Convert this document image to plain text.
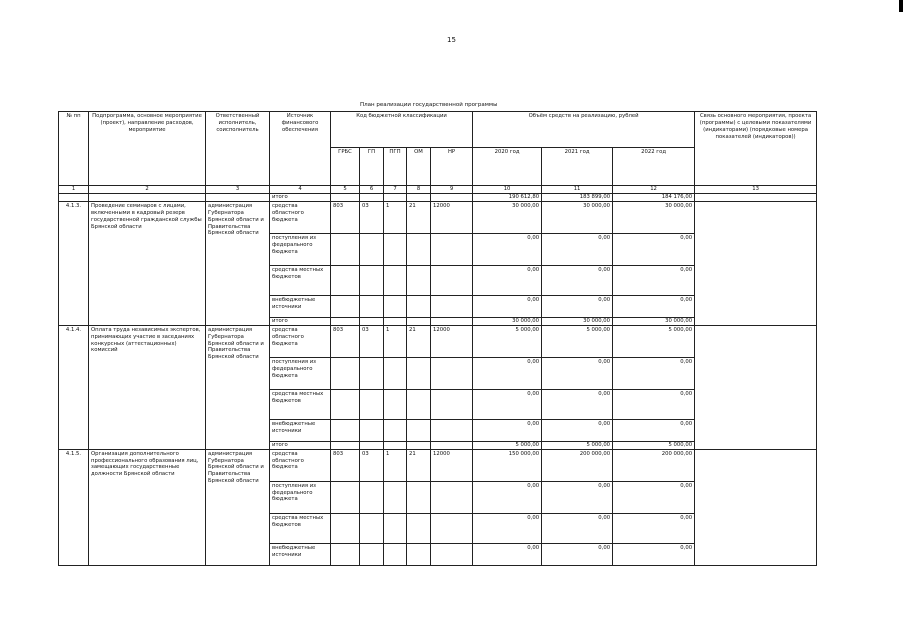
15
План реализации государственной программы
№ пп	Подпрограмма, основное мероприятие (проект), направление расходов, мероприятие	Ответственный исполнитель, соисполнитель	Источник финансового обеспечения	Код бюджетной классификации					Объём средств на реализацию, рублей			Связь основного мероприятия, проекта (программы) с целевыми показателями (индикаторами) (порядковые номера показателей (индикаторов))
				ГРБС	ГП	ПГП	ОМ	НР	2020 год	2021 год	2022 год	
1	2	3	4	5	6	7	8	9	10	11	12	13
			итого						190 612,80	183 899,00	184 176,00	
4.1.3.	Проведение семинаров с лицами, включенными в кадровый резерв государственной гражданской службы Брянской области	администрация Губернатора Брянской области и Правительства Брянской области	средства областного бюджета	803	03	1	21	12000	30 000,00	30 000,00	30 000,00	
			поступления из федерального бюджета						0,00	0,00	0,00	
			средства местных бюджетов						0,00	0,00	0,00	
			внебюджетные источники						0,00	0,00	0,00	
			итого						30 000,00	30 000,00	30 000,00	
4.1.4.	Оплата труда независимых экспертов, принимающих участие в заседаниях конкурсных (аттестационных) комиссий	администрация Губернатора Брянской области и Правительства Брянской области	средства областного бюджета	803	03	1	21	12000	5 000,00	5 000,00	5 000,00	
			поступления из федерального бюджета						0,00	0,00	0,00	
			средства местных бюджетов						0,00	0,00	0,00	
			внебюджетные источники						0,00	0,00	0,00	
			итого						5 000,00	5 000,00	5 000,00	
4.1.5.	Организация дополнительного профессионального образования лиц, замещающих государственные должности Брянской области	администрация Губернатора Брянской области и Правительства Брянской области	средства областного бюджета	803	03	1	21	12000	150 000,00	200 000,00	200 000,00	
			поступления из федерального бюджета						0,00	0,00	0,00	
			средства местных бюджетов						0,00	0,00	0,00	
			внебюджетные источники						0,00	0,00	0,00	
